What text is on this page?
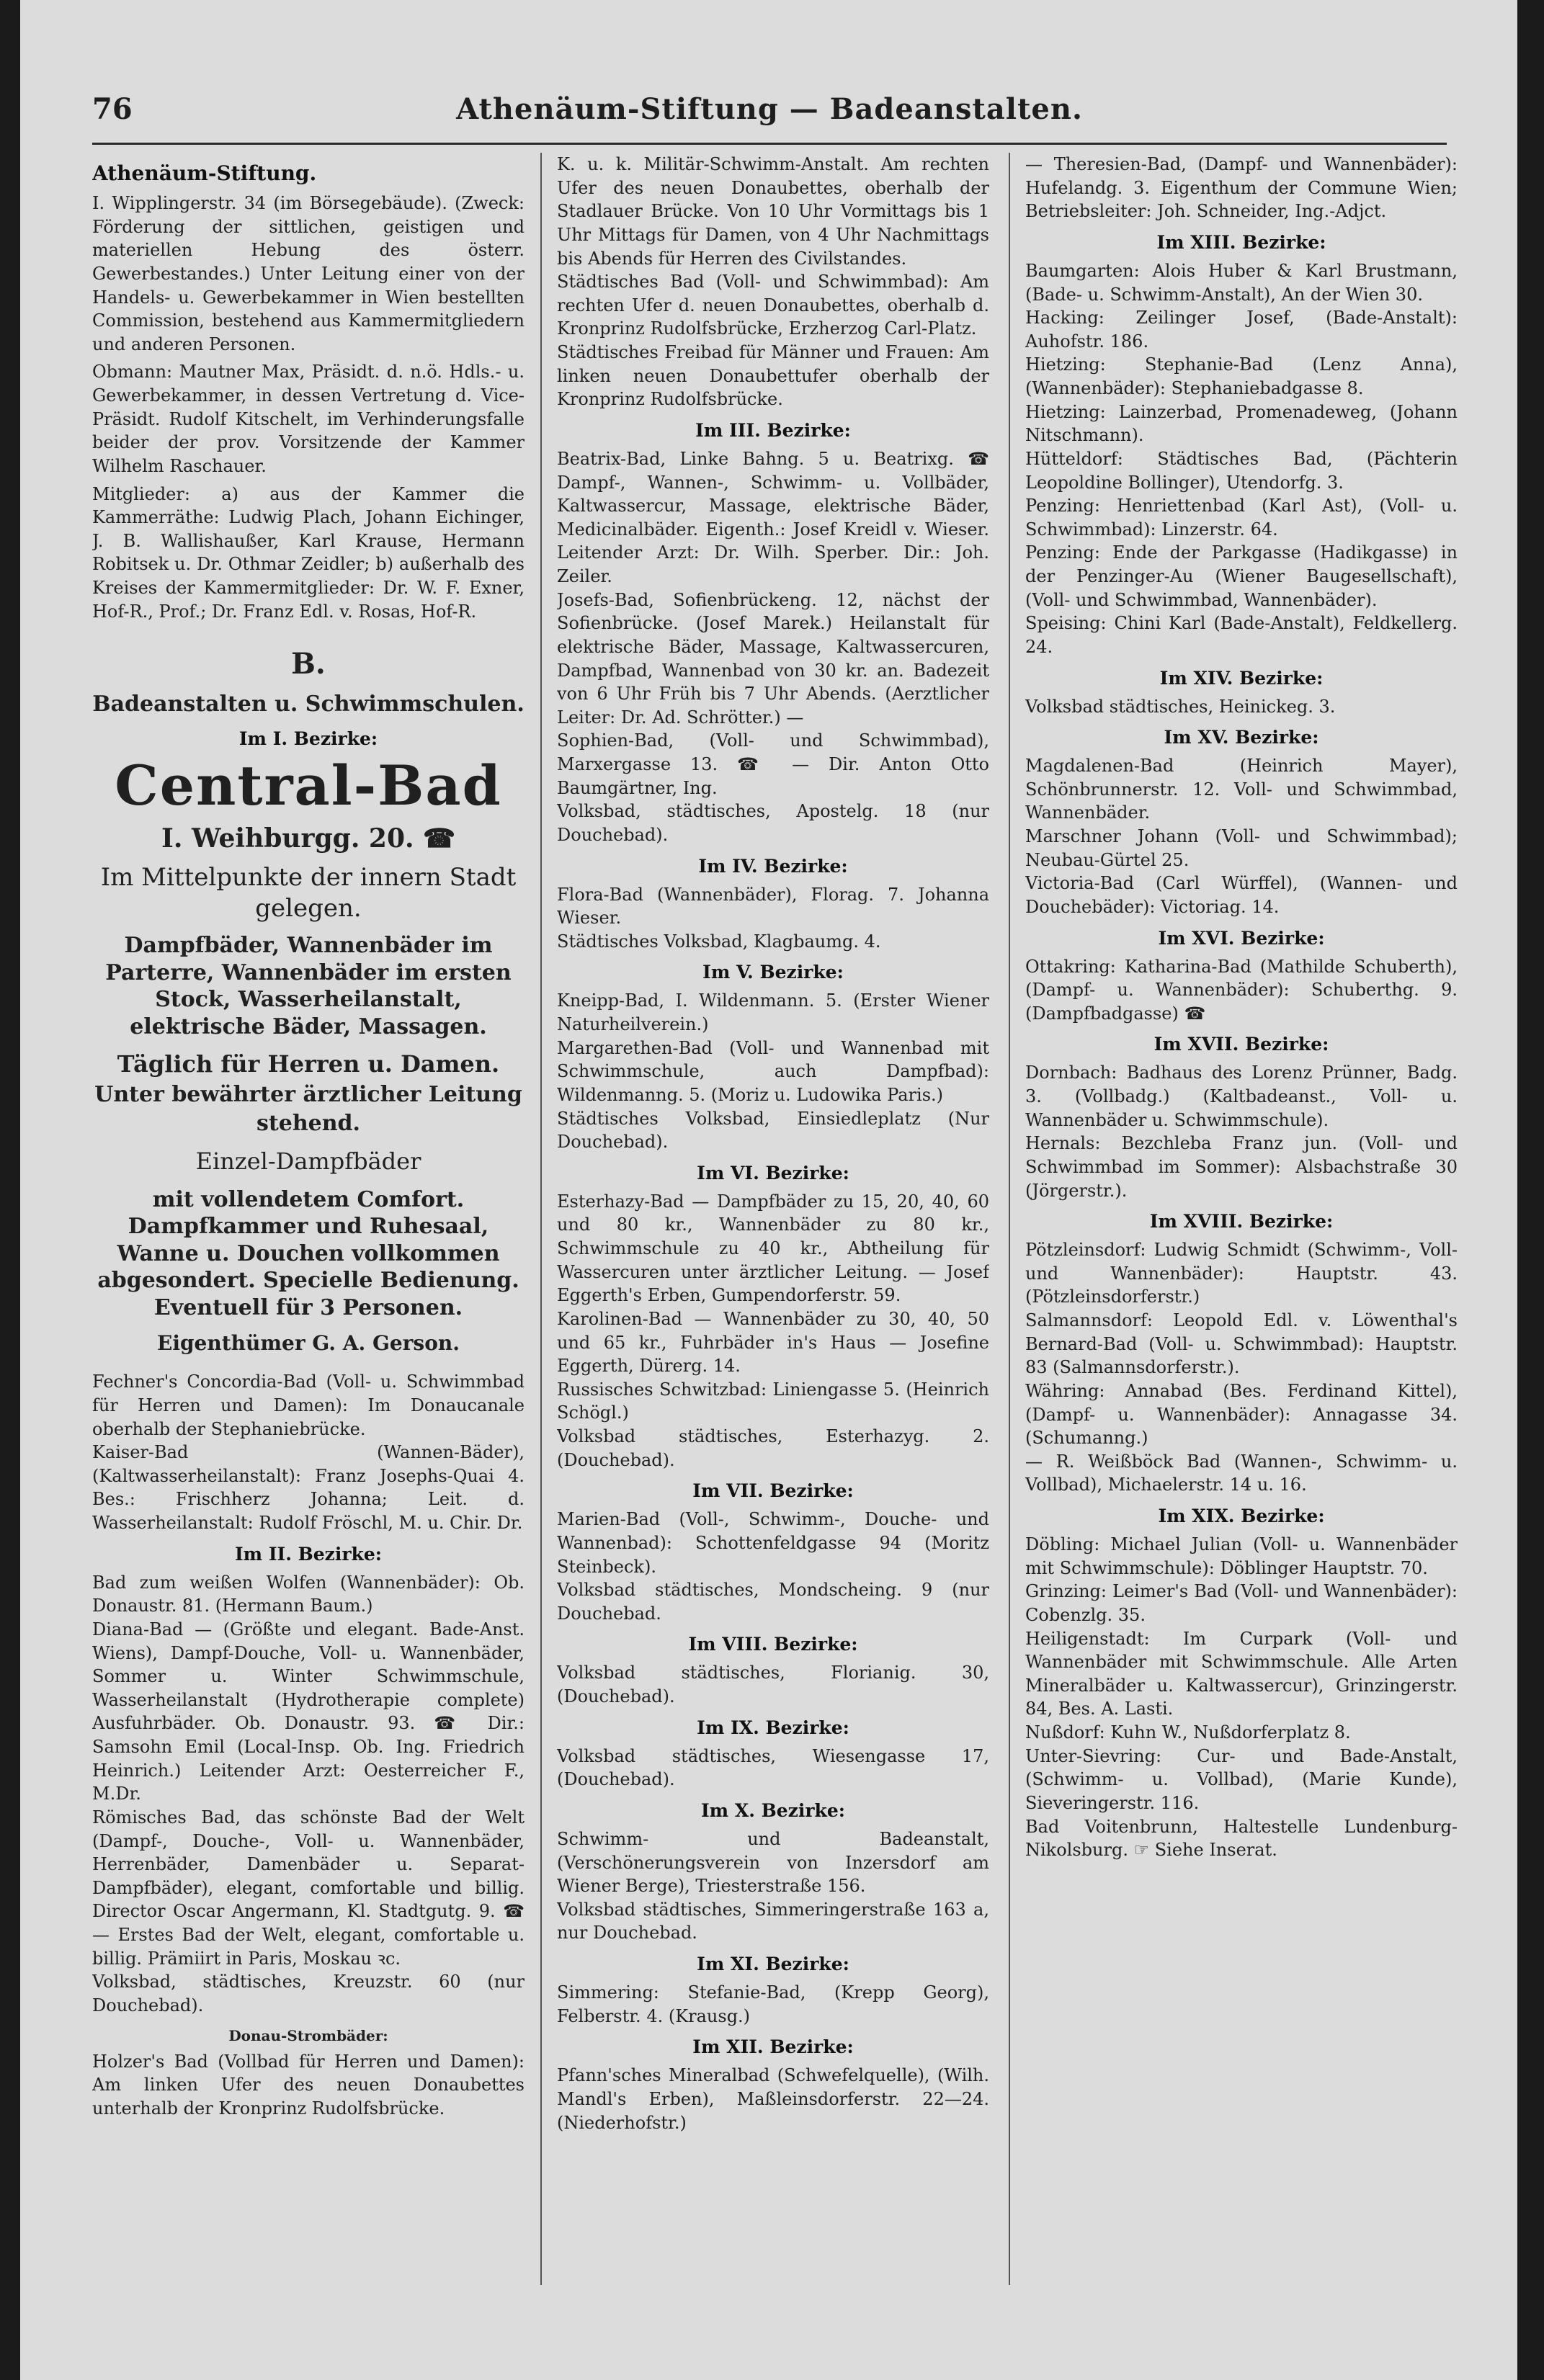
76	Athenäum-Stiftung — Badeanstalten.
Athenäum-Stiftung.

I. Wipplingerstr. 34 (im Börsegebäude). (Zweck: Förderung der sittlichen, geistigen und materiellen Hebung des österr. Gewerbestandes.) Unter Leitung einer von der Handels- u. Gewerbekammer in Wien bestellten Commission, bestehend aus Kammermitgliedern und anderen Personen.

Obmann: Mautner Max, Präsidt. d. n.ö. Hdls.- u. Gewerbekammer, in dessen Vertretung d. Vice-Präsidt. Rudolf Kitschelt, im Verhinderungsfalle beider der prov. Vorsitzende der Kammer Wilhelm Raschauer.

Mitglieder: a) aus der Kammer die Kammerräthe: Ludwig Plach, Johann Eichinger, J. B. Wallishaußer, Karl Krause, Hermann Robitsek u. Dr. Othmar Zeidler; b) außerhalb des Kreises der Kammermitglieder: Dr. W. F. Exner, Hof-R., Prof.; Dr. Franz Edl. v. Rosas, Hof-R.

B.
Badeanstalten u. Schwimmschulen.
Im I. Bezirke:
Central-Bad
I. Weihburgg. 20. ☎

Im Mittelpunkte der innern Stadt gelegen.

Dampfbäder, Wannenbäder im Parterre, Wannenbäder im ersten Stock, Wasserheilanstalt, elektrische Bäder, Massagen.

Täglich für Herren u. Damen.

Unter bewährter ärztlicher Leitung stehend.

Einzel-Dampfbäder

mit vollendetem Comfort. Dampfkammer und Ruhesaal, Wanne u. Douchen vollkommen abgesondert. Specielle Bedienung. Eventuell für 3 Personen.

Eigenthümer G. A. Gerson.

Fechner's Concordia-Bad (Voll- u. Schwimmbad für Herren und Damen): Im Donaucanale oberhalb der Stephaniebrücke.

Kaiser-Bad (Wannen-Bäder), (Kaltwasserheilanstalt): Franz Josephs-Quai 4. Bes.: Frischherz Johanna; Leit. d. Wasserheilanstalt: Rudolf Fröschl, M. u. Chir. Dr.

Im II. Bezirke:

Bad zum weißen Wolfen (Wannenbäder): Ob. Donaustr. 81. (Hermann Baum.)

Diana-Bad — (Größte und elegant. Bade-Anst. Wiens), Dampf-Douche, Voll- u. Wannenbäder, Sommer u. Winter Schwimmschule, Wasserheilanstalt (Hydrotherapie complete) Ausfuhrbäder. Ob. Donaustr. 93. ☎ Dir.: Samsohn Emil (Local-Insp. Ob. Ing. Friedrich Heinrich.) Leitender Arzt: Oesterreicher F., M.Dr.

Römisches Bad, das schönste Bad der Welt (Dampf-, Douche-, Voll- u. Wannenbäder, Herrenbäder, Damenbäder u. Separat-Dampfbäder), elegant, comfortable und billig. Director Oscar Angermann, Kl. Stadtgutg. 9. ☎ — Erstes Bad der Welt, elegant, comfortable u. billig. Prämiirt in Paris, Moskau ꝛc.

Volksbad, städtisches, Kreuzstr. 60 (nur Douchebad).

Donau-Strombäder:

Holzer's Bad (Vollbad für Herren und Damen): Am linken Ufer des neuen Donaubettes unterhalb der Kronprinz Rudolfsbrücke.

K. u. k. Militär-Schwimm-Anstalt. Am rechten Ufer des neuen Donaubettes, oberhalb der Stadlauer Brücke. Von 10 Uhr Vormittags bis 1 Uhr Mittags für Damen, von 4 Uhr Nachmittags bis Abends für Herren des Civilstandes.

Städtisches Bad (Voll- und Schwimmbad): Am rechten Ufer d. neuen Donaubettes, oberhalb d. Kronprinz Rudolfsbrücke, Erzherzog Carl-Platz.

Städtisches Freibad für Männer und Frauen: Am linken neuen Donaubettufer oberhalb der Kronprinz Rudolfsbrücke.

Im III. Bezirke:

Beatrix-Bad, Linke Bahng. 5 u. Beatrixg. ☎ Dampf-, Wannen-, Schwimm- u. Vollbäder, Kaltwassercur, Massage, elektrische Bäder, Medicinalbäder. Eigenth.: Josef Kreidl v. Wieser. Leitender Arzt: Dr. Wilh. Sperber. Dir.: Joh. Zeiler.

Josefs-Bad, Sofienbrückeng. 12, nächst der Sofienbrücke. (Josef Marek.) Heilanstalt für elektrische Bäder, Massage, Kaltwassercuren, Dampfbad, Wannenbad von 30 kr. an. Badezeit von 6 Uhr Früh bis 7 Uhr Abends. (Aerztlicher Leiter: Dr. Ad. Schrötter.) —

Sophien-Bad, (Voll- und Schwimmbad), Marxergasse 13. ☎ — Dir. Anton Otto Baumgärtner, Ing.

Volksbad, städtisches, Apostelg. 18 (nur Douchebad).

Im IV. Bezirke:

Flora-Bad (Wannenbäder), Florag. 7. Johanna Wieser.

Städtisches Volksbad, Klagbaumg. 4.

Im V. Bezirke:

Kneipp-Bad, I. Wildenmann. 5. (Erster Wiener Naturheilverein.)

Margarethen-Bad (Voll- und Wannenbad mit Schwimmschule, auch Dampfbad): Wildenmanng. 5. (Moriz u. Ludowika Paris.)

Städtisches Volksbad, Einsiedleplatz (Nur Douchebad).

Im VI. Bezirke:

Esterhazy-Bad — Dampfbäder zu 15, 20, 40, 60 und 80 kr., Wannenbäder zu 80 kr., Schwimmschule zu 40 kr., Abtheilung für Wassercuren unter ärztlicher Leitung. — Josef Eggerth's Erben, Gumpendorferstr. 59.

Karolinen-Bad — Wannenbäder zu 30, 40, 50 und 65 kr., Fuhrbäder in's Haus — Josefine Eggerth, Dürerg. 14.

Russisches Schwitzbad: Liniengasse 5. (Heinrich Schögl.)

Volksbad städtisches, Esterhazyg. 2. (Douchebad).

Im VII. Bezirke:

Marien-Bad (Voll-, Schwimm-, Douche- und Wannenbad): Schottenfeldgasse 94 (Moritz Steinbeck).

Volksbad städtisches, Mondscheing. 9 (nur Douchebad.

Im VIII. Bezirke:

Volksbad städtisches, Florianig. 30, (Douchebad).

Im IX. Bezirke:

Volksbad städtisches, Wiesengasse 17, (Douchebad).

Im X. Bezirke:

Schwimm- und Badeanstalt, (Verschönerungsverein von Inzersdorf am Wiener Berge), Triesterstraße 156.

Volksbad städtisches, Simmeringerstraße 163 a, nur Douchebad.

Im XI. Bezirke:

Simmering: Stefanie-Bad, (Krepp Georg), Felberstr. 4. (Krausg.)

Im XII. Bezirke:

Pfann'sches Mineralbad (Schwefelquelle), (Wilh. Mandl's Erben), Maßleinsdorferstr. 22—24. (Niederhofstr.)

— Theresien-Bad, (Dampf- und Wannenbäder): Hufelandg. 3. Eigenthum der Commune Wien; Betriebsleiter: Joh. Schneider, Ing.-Adjct.

Im XIII. Bezirke:

Baumgarten: Alois Huber & Karl Brustmann, (Bade- u. Schwimm-Anstalt), An der Wien 30.

Hacking: Zeilinger Josef, (Bade-Anstalt): Auhofstr. 186.

Hietzing: Stephanie-Bad (Lenz Anna), (Wannenbäder): Stephaniebadgasse 8.

Hietzing: Lainzerbad, Promenadeweg, (Johann Nitschmann).

Hütteldorf: Städtisches Bad, (Pächterin Leopoldine Bollinger), Utendorfg. 3.

Penzing: Henriettenbad (Karl Ast), (Voll- u. Schwimmbad): Linzerstr. 64.

Penzing: Ende der Parkgasse (Hadikgasse) in der Penzinger-Au (Wiener Baugesellschaft), (Voll- und Schwimmbad, Wannenbäder).

Speising: Chini Karl (Bade-Anstalt), Feldkellerg. 24.

Im XIV. Bezirke:

Volksbad städtisches, Heinickeg. 3.

Im XV. Bezirke:

Magdalenen-Bad (Heinrich Mayer), Schönbrunnerstr. 12. Voll- und Schwimmbad, Wannenbäder.

Marschner Johann (Voll- und Schwimmbad); Neubau-Gürtel 25.

Victoria-Bad (Carl Würffel), (Wannen- und Douchebäder): Victoriag. 14.

Im XVI. Bezirke:

Ottakring: Katharina-Bad (Mathilde Schuberth), (Dampf- u. Wannenbäder): Schuberthg. 9. (Dampfbadgasse) ☎

Im XVII. Bezirke:

Dornbach: Badhaus des Lorenz Prünner, Badg. 3. (Vollbadg.) (Kaltbadeanst., Voll- u. Wannenbäder u. Schwimmschule).

Hernals: Bezchleba Franz jun. (Voll- und Schwimmbad im Sommer): Alsbachstraße 30 (Jörgerstr.).

Im XVIII. Bezirke:

Pötzleinsdorf: Ludwig Schmidt (Schwimm-, Voll- und Wannenbäder): Hauptstr. 43. (Pötzleinsdorferstr.)

Salmannsdorf: Leopold Edl. v. Löwenthal's Bernard-Bad (Voll- u. Schwimmbad): Hauptstr. 83 (Salmannsdorferstr.).

Währing: Annabad (Bes. Ferdinand Kittel), (Dampf- u. Wannenbäder): Annagasse 34. (Schumanng.)

— R. Weißböck Bad (Wannen-, Schwimm- u. Vollbad), Michaelerstr. 14 u. 16.

Im XIX. Bezirke:

Döbling: Michael Julian (Voll- u. Wannenbäder mit Schwimmschule): Döblinger Hauptstr. 70.

Grinzing: Leimer's Bad (Voll- und Wannenbäder): Cobenzlg. 35.

Heiligenstadt: Im Curpark (Voll- und Wannenbäder mit Schwimmschule. Alle Arten Mineralbäder u. Kaltwassercur), Grinzingerstr. 84, Bes. A. Lasti.

Nußdorf: Kuhn W., Nußdorferplatz 8.

Unter-Sievring: Cur- und Bade-Anstalt, (Schwimm- u. Vollbad), (Marie Kunde), Sieveringerstr. 116.

Bad Voitenbrunn, Haltestelle Lundenburg-Nikolsburg. ☞ Siehe Inserat.
